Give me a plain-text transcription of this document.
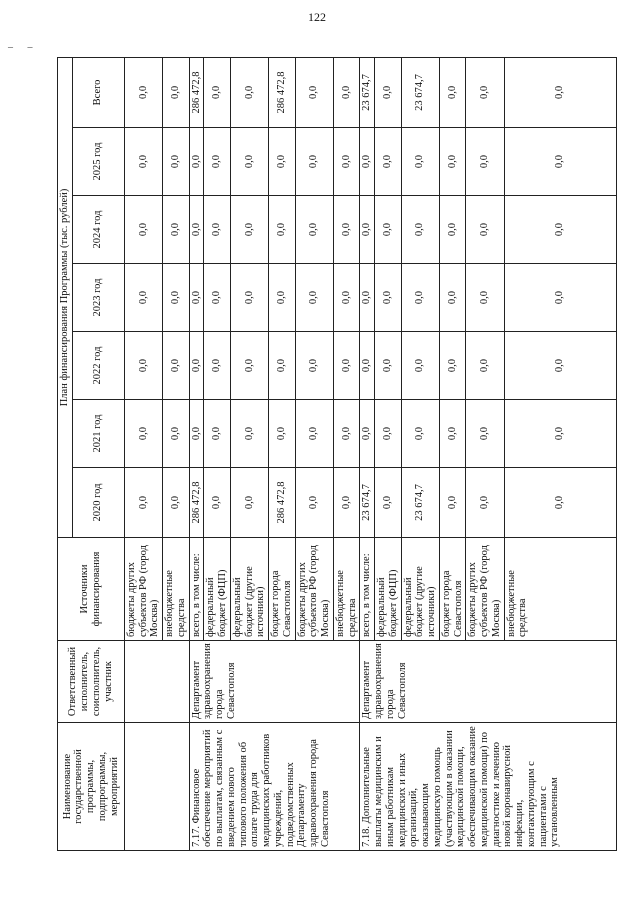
122
– –
Наименование государственной программы, подпрограммы, мероприятий	Ответственный исполнитель, соисполнитель, участник	Источники финансирования	План финансирования Программы (тыс. рублей)						
			2020 год	2021 год	2022 год	2023 год	2024 год	2025 год	Всего
		бюджеты других субъектов РФ (город Москва)	0,0	0,0	0,0	0,0	0,0	0,0	0,0
		внебюджетные средства	0,0	0,0	0,0	0,0	0,0	0,0	0,0
7.17. Финансовое обеспечение мероприятий по выплатам, связанным с введением нового типового положения об оплате труда для медицинских работников учреждений, подведомственных Департаменту здравоохранения города Севастополя	Департамент здравоохранения города Севастополя	всего, в том числе:	286 472,8	0,0	0,0	0,0	0,0	0,0	286 472,8
		федеральный бюджет (ФЦП)	0,0	0,0	0,0	0,0	0,0	0,0	0,0
		федеральный бюджет (другие источники)	0,0	0,0	0,0	0,0	0,0	0,0	0,0
		бюджет города Севастополя	286 472,8	0,0	0,0	0,0	0,0	0,0	286 472,8
		бюджеты других субъектов РФ (город Москва)	0,0	0,0	0,0	0,0	0,0	0,0	0,0
		внебюджетные средства	0,0	0,0	0,0	0,0	0,0	0,0	0,0
7.18. Дополнительные выплаты медицинским и иным работникам медицинских и иных организаций, оказывающим медицинскую помощь (участвующим в оказании медицинской помощи, обеспечивающим оказание медицинской помощи) по диагностике и лечению новой коронавирусной инфекции, контактирующим с пациентами с установленным	Департамент здравоохранения города Севастополя	всего, в том числе:	23 674,7	0,0	0,0	0,0	0,0	0,0	23 674,7
		федеральный бюджет (ФЦП)	0,0	0,0	0,0	0,0	0,0	0,0	0,0
		федеральный бюджет (другие источники)	23 674,7	0,0	0,0	0,0	0,0	0,0	23 674,7
		бюджет города Севастополя	0,0	0,0	0,0	0,0	0,0	0,0	0,0
		бюджеты других субъектов РФ (город Москва)	0,0	0,0	0,0	0,0	0,0	0,0	0,0
		внебюджетные средства	0,0	0,0	0,0	0,0	0,0	0,0	0,0
